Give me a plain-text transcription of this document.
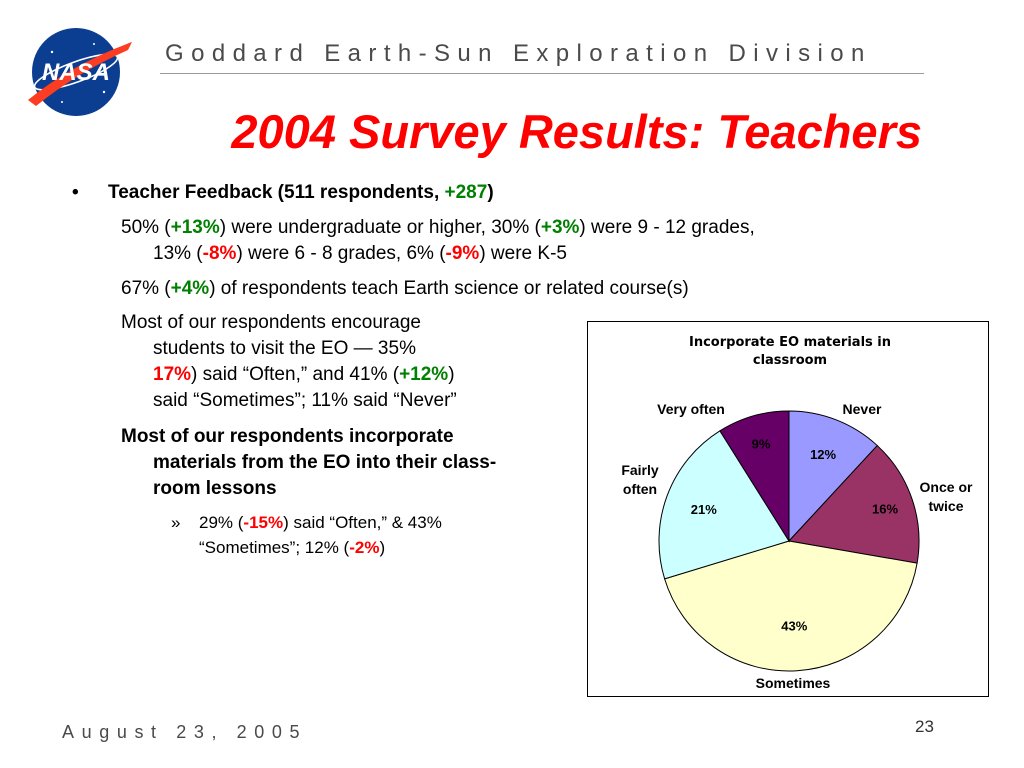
NASA
Goddard Earth-Sun Exploration Division
2004 Survey Results: Teachers
• Teacher Feedback (511 respondents, +287)
50% (+13%) were undergraduate or higher, 30% (+3%) were 9 - 12 grades,
13% (-8%) were 6 - 8 grades, 6% (-9%) were K-5
67% (+4%) of respondents teach Earth science or related course(s)
Most of our respondents encourage
students to visit the EO — 35%
17%) said “Often,” and 41% (+12%)
said “Sometimes”; 11% said “Never”
Most of our respondents incorporate
materials from the EO into their class-
room lessons
» 29% (-15%) said “Often,” & 43%
“Sometimes”; 12% (-2%)
Incorporate EO materials in classroom
12%
Never
16%
Once or twice
43%
Sometimes
21%
Fairly often
9%
Very often
August 23, 2005	23
